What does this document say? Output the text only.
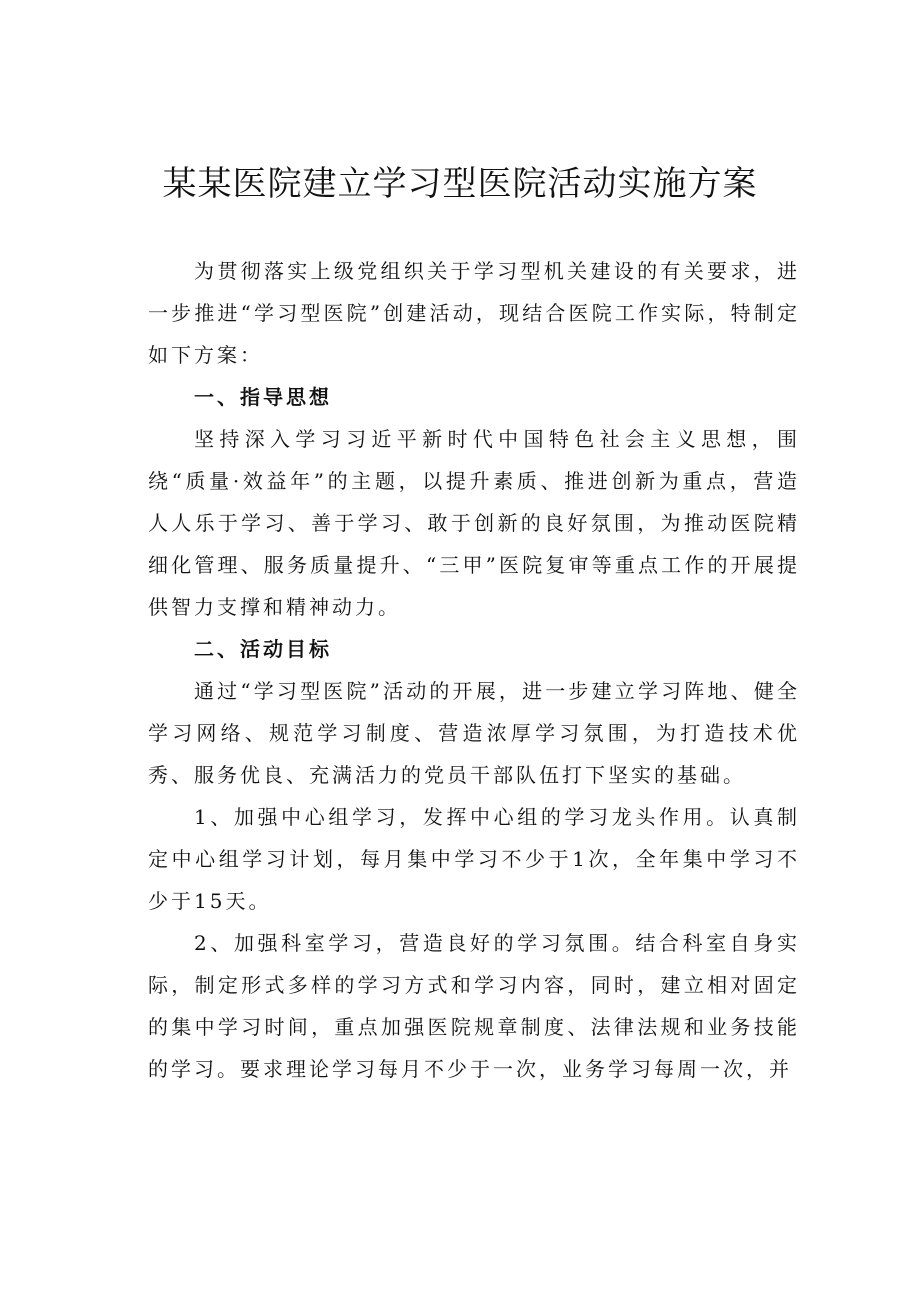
某某医院建立学习型医院活动实施方案

为贯彻落实上级党组织关于学习型机关建设的有关要求，进一步推进“学习型医院”创建活动，现结合医院工作实际，特制定如下方案：

一、指导思想

坚持深入学习习近平新时代中国特色社会主义思想，围绕“质量·效益年”的主题，以提升素质、推进创新为重点，营造人人乐于学习、善于学习、敢于创新的良好氛围，为推动医院精细化管理、服务质量提升、“三甲”医院复审等重点工作的开展提供智力支撑和精神动力。

二、活动目标

通过“学习型医院”活动的开展，进一步建立学习阵地、健全学习网络、规范学习制度、营造浓厚学习氛围，为打造技术优秀、服务优良、充满活力的党员干部队伍打下坚实的基础。

1、加强中心组学习，发挥中心组的学习龙头作用。认真制定中心组学习计划，每月集中学习不少于1次，全年集中学习不少于15天。

2、加强科室学习，营造良好的学习氛围。结合科室自身实际，制定形式多样的学习方式和学习内容，同时，建立相对固定的集中学习时间，重点加强医院规章制度、法律法规和业务技能的学习。要求理论学习每月不少于一次，业务学习每周一次，并
